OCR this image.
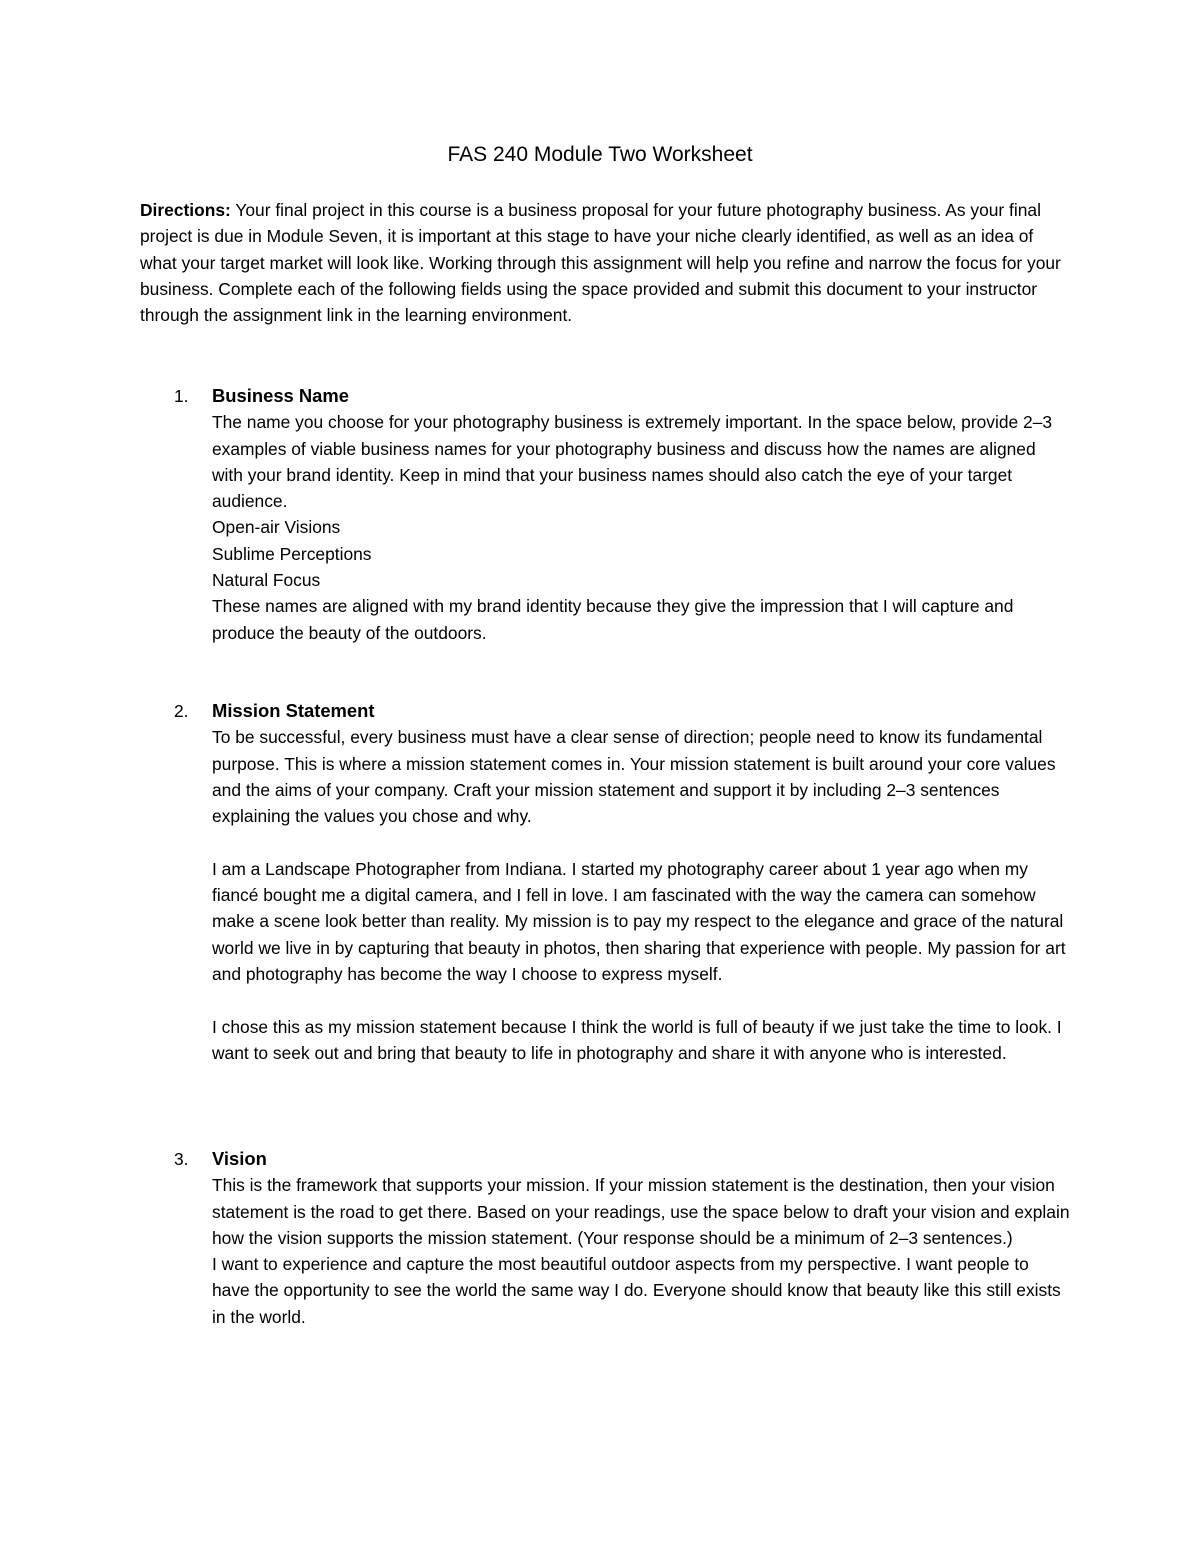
FAS 240 Module Two Worksheet

Directions: Your final project in this course is a business proposal for your future photography business. As your final project is due in Module Seven, it is important at this stage to have your niche clearly identified, as well as an idea of what your target market will look like. Working through this assignment will help you refine and narrow the focus for your business. Complete each of the following fields using the space provided and submit this document to your instructor through the assignment link in the learning environment.

1. Business Name
The name you choose for your photography business is extremely important. In the space below, provide 2–3 examples of viable business names for your photography business and discuss how the names are aligned with your brand identity. Keep in mind that your business names should also catch the eye of your target audience.
Open-air Visions
Sublime Perceptions
Natural Focus
These names are aligned with my brand identity because they give the impression that I will capture and produce the beauty of the outdoors.
2. Mission Statement
To be successful, every business must have a clear sense of direction; people need to know its fundamental purpose. This is where a mission statement comes in. Your mission statement is built around your core values and the aims of your company. Craft your mission statement and support it by including 2–3 sentences explaining the values you chose and why.
I am a Landscape Photographer from Indiana. I started my photography career about 1 year ago when my fiancé bought me a digital camera, and I fell in love. I am fascinated with the way the camera can somehow make a scene look better than reality. My mission is to pay my respect to the elegance and grace of the natural world we live in by capturing that beauty in photos, then sharing that experience with people. My passion for art and photography has become the way I choose to express myself.
I chose this as my mission statement because I think the world is full of beauty if we just take the time to look. I want to seek out and bring that beauty to life in photography and share it with anyone who is interested.
3. Vision
This is the framework that supports your mission. If your mission statement is the destination, then your vision statement is the road to get there. Based on your readings, use the space below to draft your vision and explain how the vision supports the mission statement. (Your response should be a minimum of 2–3 sentences.)
I want to experience and capture the most beautiful outdoor aspects from my perspective. I want people to have the opportunity to see the world the same way I do. Everyone should know that beauty like this still exists in the world.
